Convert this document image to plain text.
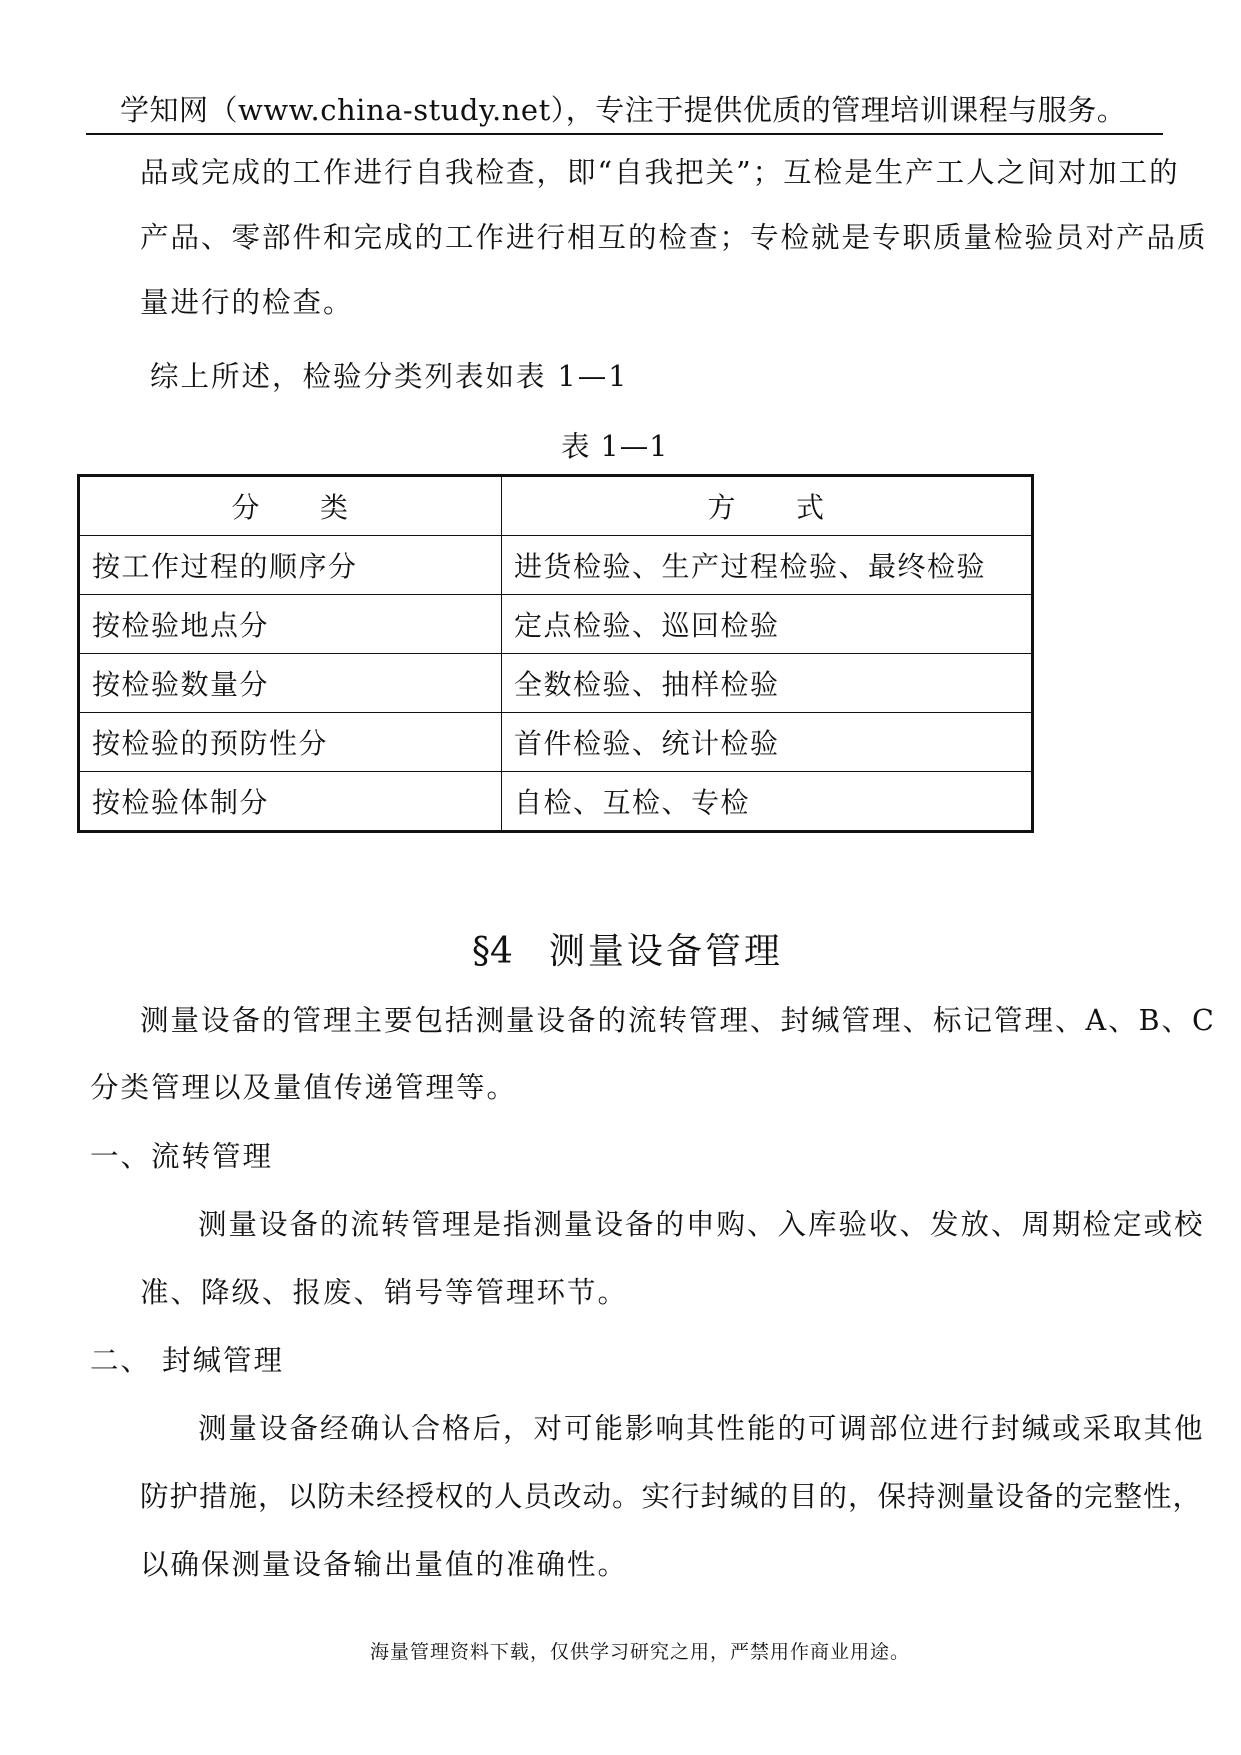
学知网（www.china-study.net），专注于提供优质的管理培训课程与服务。
品或完成的工作进行自我检查，即“自我把关”；互检是生产工人之间对加工的
产品、零部件和完成的工作进行相互的检查；专检就是专职质量检验员对产品质
量进行的检查。
综上所述，检验分类列表如表 1—1
表 1—1
分　　类	方　　式
按工作过程的顺序分	进货检验、生产过程检验、最终检验
按检验地点分	定点检验、巡回检验
按检验数量分	全数检验、抽样检验
按检验的预防性分	首件检验、统计检验
按检验体制分	自检、互检、专检
§4 测量设备管理
测量设备的管理主要包括测量设备的流转管理、封缄管理、标记管理、A、B、C
分类管理以及量值传递管理等。
一、流转管理
测量设备的流转管理是指测量设备的申购、入库验收、发放、周期检定或校
准、降级、报废、销号等管理环节。
二、 封缄管理
测量设备经确认合格后，对可能影响其性能的可调部位进行封缄或采取其他
防护措施，以防未经授权的人员改动。实行封缄的目的，保持测量设备的完整性，
以确保测量设备输出量值的准确性。
海量管理资料下载，仅供学习研究之用，严禁用作商业用途。
